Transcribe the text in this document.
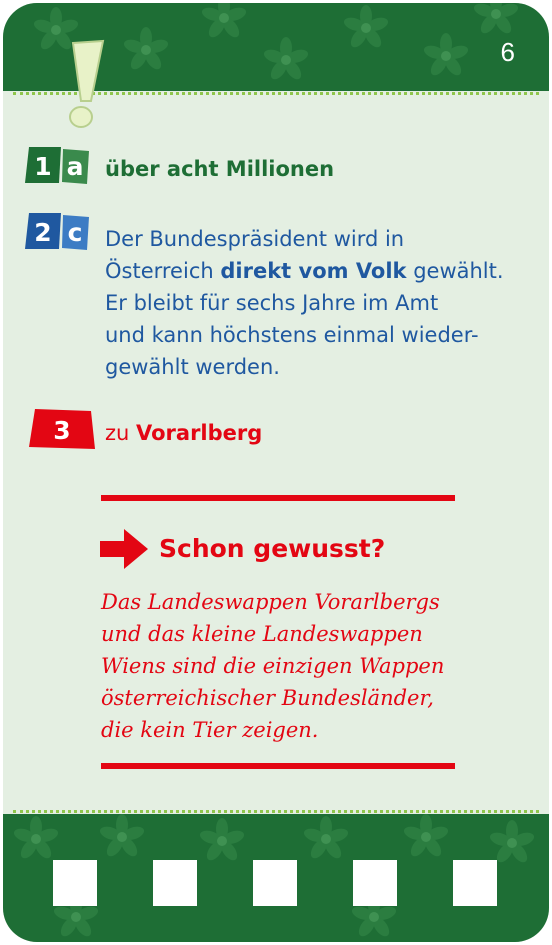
6
1 a über acht Millionen
2 c Der Bundespräsident wird in
Österreich direkt vom Volk gewählt.
Er bleibt für sechs Jahre im Amt
und kann höchstens einmal wieder-
gewählt werden.
3 zu Vorarlberg
Schon gewusst?
Das Landeswappen Vorarlbergs
und das kleine Landeswappen
Wiens sind die einzigen Wappen
österreichischer Bundesländer,
die kein Tier zeigen.
